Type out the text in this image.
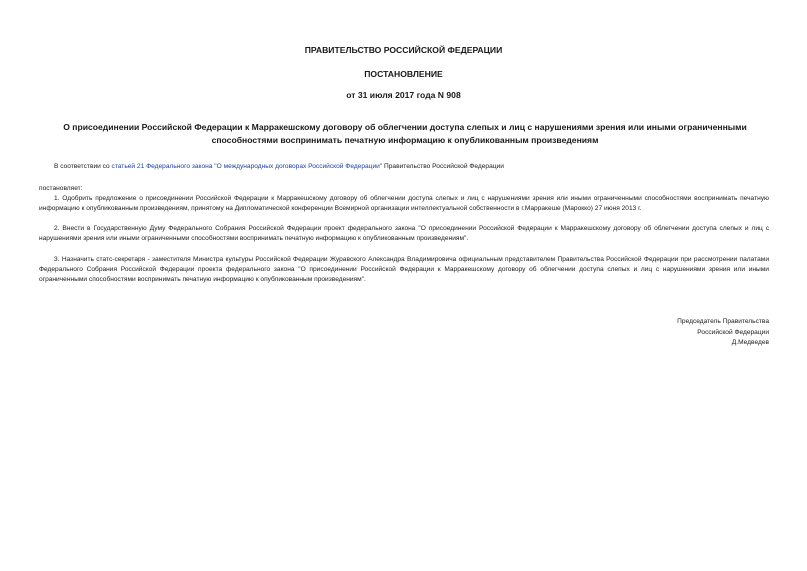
ПРАВИТЕЛЬСТВО РОССИЙСКОЙ ФЕДЕРАЦИИ
ПОСТАНОВЛЕНИЕ
от 31 июля 2017 года N 908
О присоединении Российской Федерации к Марракешскому договору об облегчении доступа слепых и лиц с нарушениями зрения или иными ограниченными способностями воспринимать печатную информацию к опубликованным произведениям
В соответствии со статьей 21 Федерального закона "О международных договорах Российской Федерации" Правительство Российской Федерации
постановляет:
1. Одобрить предложение о присоединении Российской Федерации к Марракешскому договору об облегчении доступа слепых и лиц с нарушениями зрения или иными ограниченными способностями воспринимать печатную информацию к опубликованным произведениям, принятому на Дипломатической конференции Всемирной организации интеллектуальной собственности в г.Марракеше (Марокко) 27 июня 2013 г.
2. Внести в Государственную Думу Федерального Собрания Российской Федерации проект федерального закона "О присоединении Российской Федерации к Марракешскому договору об облегчении доступа слепых и лиц с нарушениями зрения или иными ограниченными способностями воспринимать печатную информацию к опубликованным произведениям".
3. Назначить статс-секретаря - заместителя Министра культуры Российской Федерации Журавского Александра Владимировича официальным представителем Правительства Российской Федерации при рассмотрении палатами Федерального Собрания Российской Федерации проекта федерального закона "О присоединении Российской Федерации к Марракешскому договору об облегчении доступа слепых и лиц с нарушениями зрения или иными ограниченными способностями воспринимать печатную информацию к опубликованным произведениям".
Председатель Правительства
Российской Федерации
Д.Медведев
